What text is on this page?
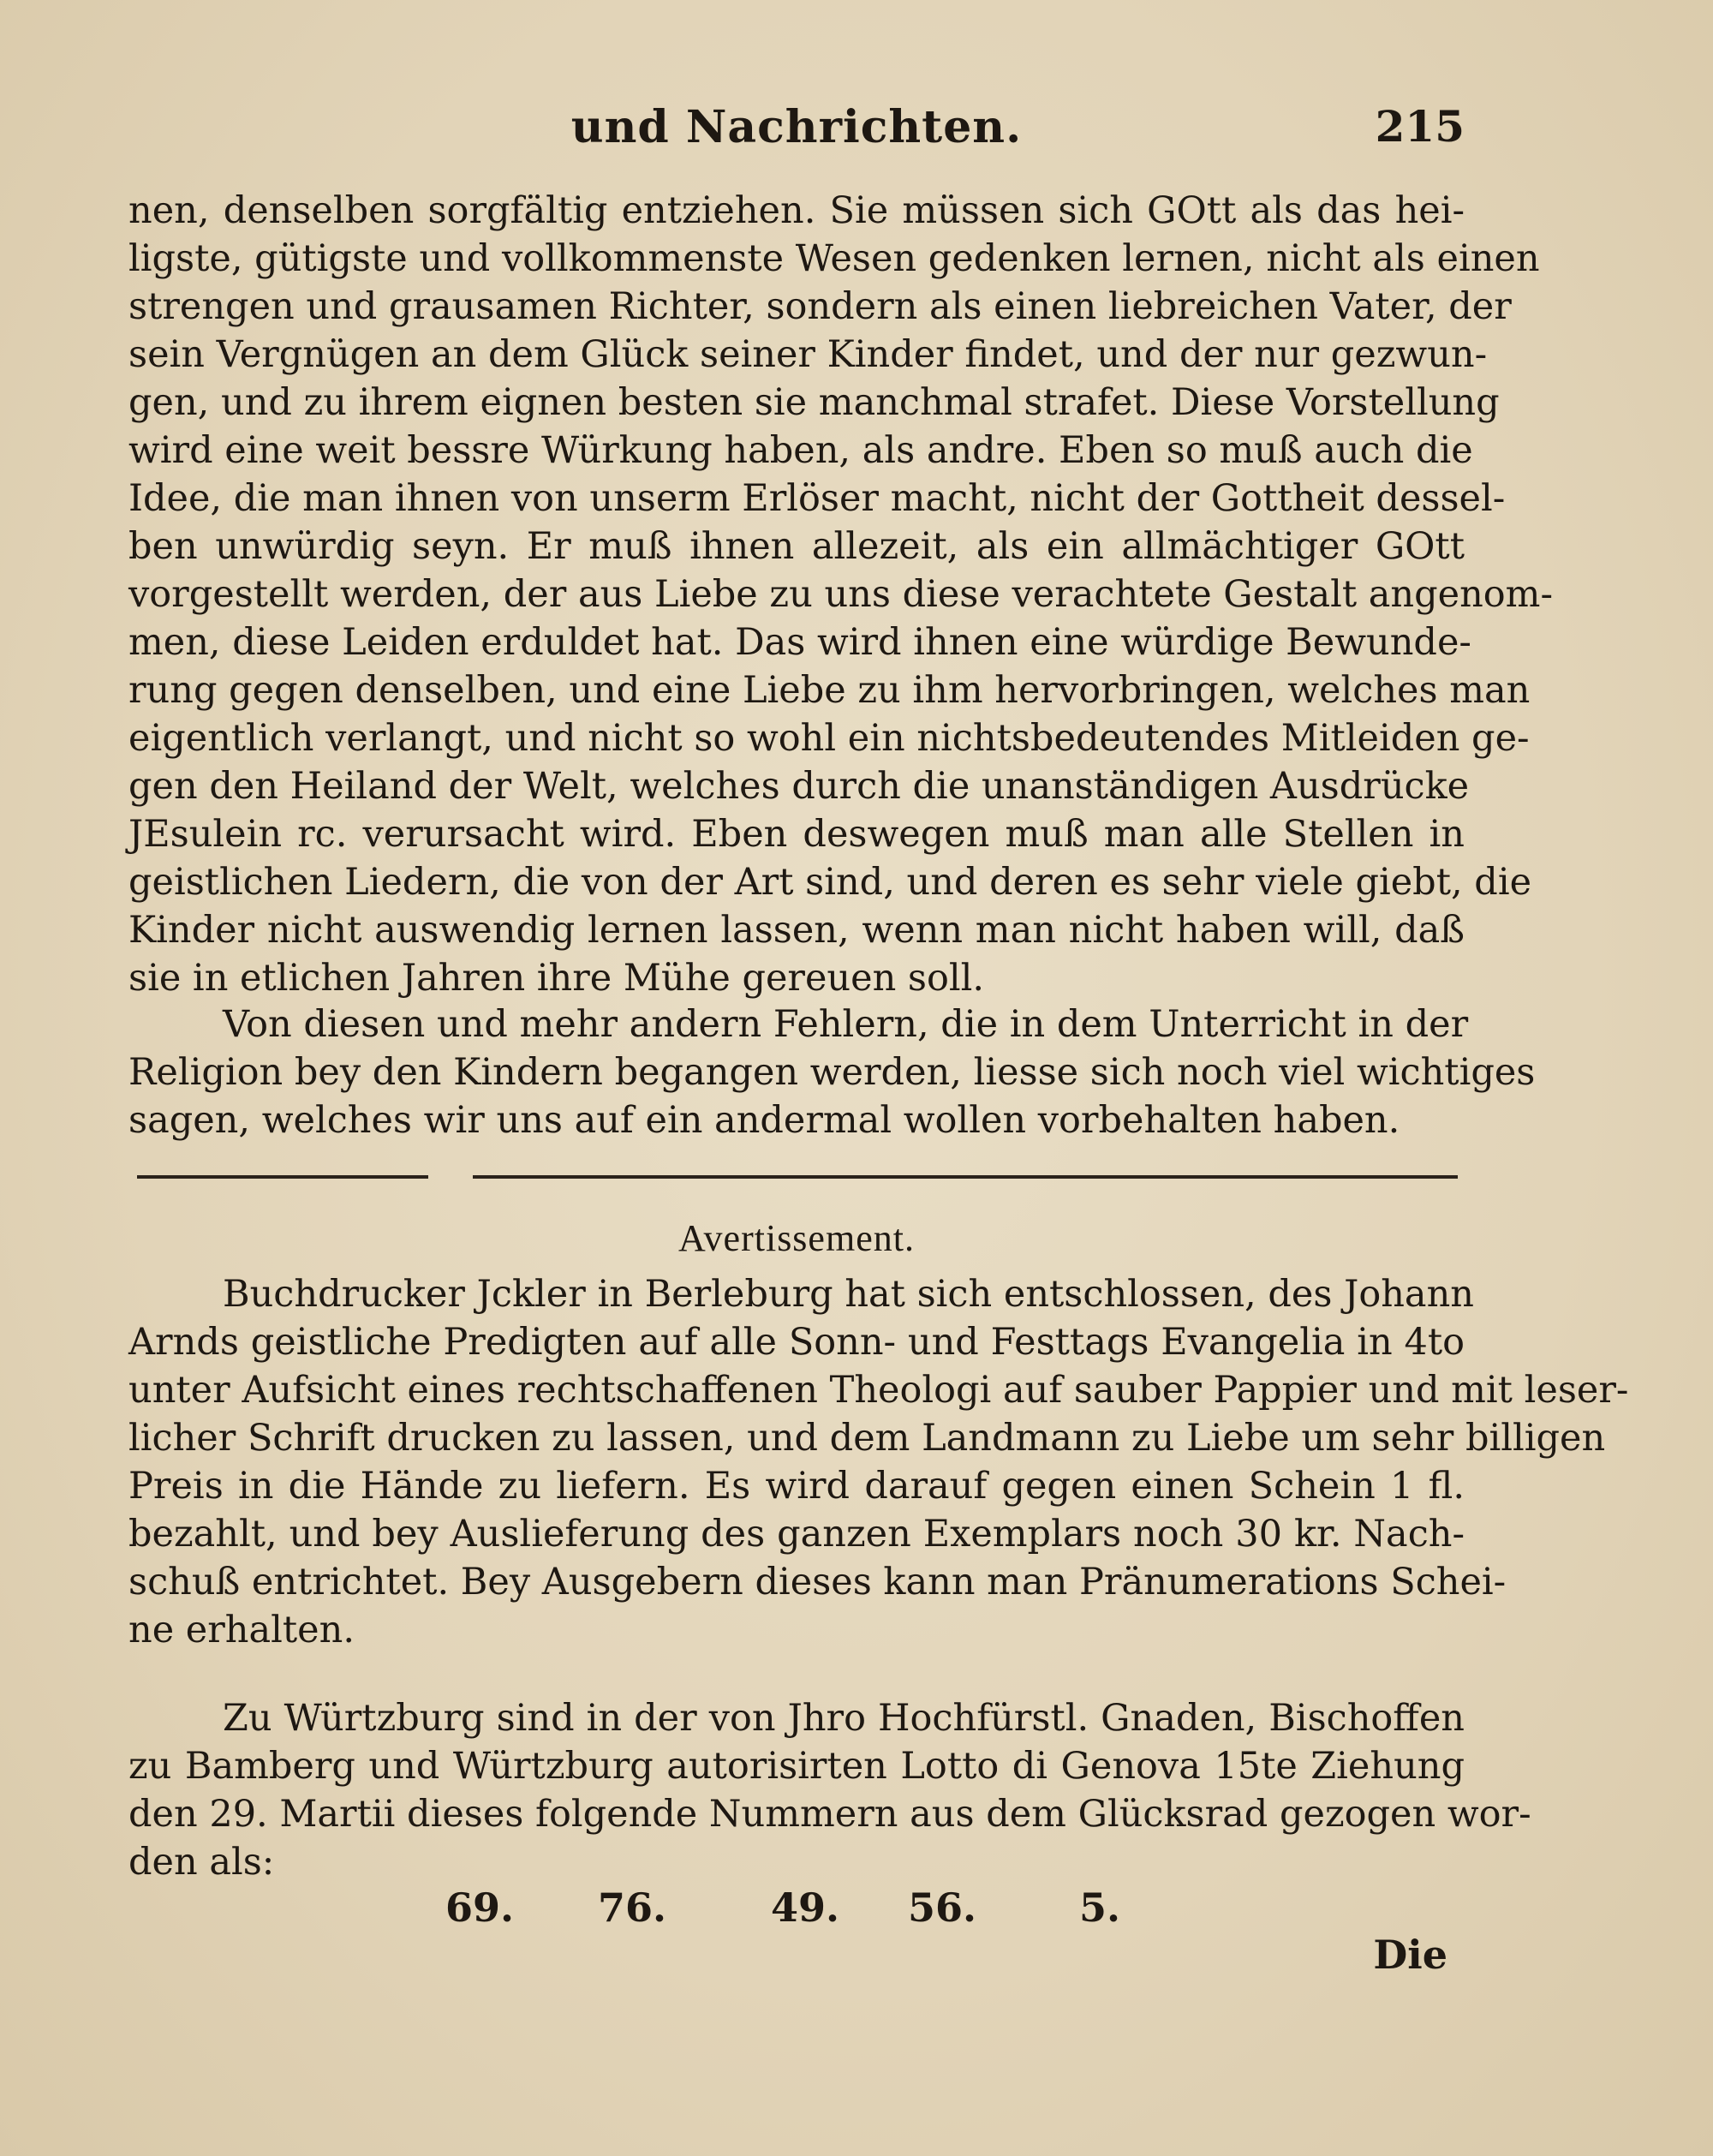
und Nachrichten.	215
nen, denselben sorgfältig entziehen. Sie müssen sich GOtt als das hei-
ligste, gütigste und vollkommenste Wesen gedenken lernen, nicht als einen
strengen und grausamen Richter, sondern als einen liebreichen Vater, der
sein Vergnügen an dem Glück seiner Kinder findet, und der nur gezwun-
gen, und zu ihrem eignen besten sie manchmal strafet. Diese Vorstellung
wird eine weit bessre Würkung haben, als andre. Eben so muß auch die
Idee, die man ihnen von unserm Erlöser macht, nicht der Gottheit dessel-
ben unwürdig seyn. Er muß ihnen allezeit, als ein allmächtiger GOtt
vorgestellt werden, der aus Liebe zu uns diese verachtete Gestalt angenom-
men, diese Leiden erduldet hat. Das wird ihnen eine würdige Bewunde-
rung gegen denselben, und eine Liebe zu ihm hervorbringen, welches man
eigentlich verlangt, und nicht so wohl ein nichtsbedeutendes Mitleiden ge-
gen den Heiland der Welt, welches durch die unanständigen Ausdrücke
JEsulein rc. verursacht wird. Eben deswegen muß man alle Stellen in
geistlichen Liedern, die von der Art sind, und deren es sehr viele giebt, die
Kinder nicht auswendig lernen lassen, wenn man nicht haben will, daß
sie in etlichen Jahren ihre Mühe gereuen soll.
Von diesen und mehr andern Fehlern, die in dem Unterricht in der
Religion bey den Kindern begangen werden, liesse sich noch viel wichtiges
sagen, welches wir uns auf ein andermal wollen vorbehalten haben.
Avertissement.
Buchdrucker Jckler in Berleburg hat sich entschlossen, des Johann
Arnds geistliche Predigten auf alle Sonn- und Festtags Evangelia in 4to
unter Aufsicht eines rechtschaffenen Theologi auf sauber Pappier und mit leser-
licher Schrift drucken zu lassen, und dem Landmann zu Liebe um sehr billigen
Preis in die Hände zu liefern. Es wird darauf gegen einen Schein 1 fl.
bezahlt, und bey Auslieferung des ganzen Exemplars noch 30 kr. Nach-
schuß entrichtet. Bey Ausgebern dieses kann man Pränumerations Schei-
ne erhalten.
Zu Würtzburg sind in der von Jhro Hochfürstl. Gnaden, Bischoffen
zu Bamberg und Würtzburg autorisirten Lotto di Genova 15te Ziehung
den 29. Martii dieses folgende Nummern aus dem Glücksrad gezogen wor-
den als:
69. 76.	49. 56.	5.
Die
